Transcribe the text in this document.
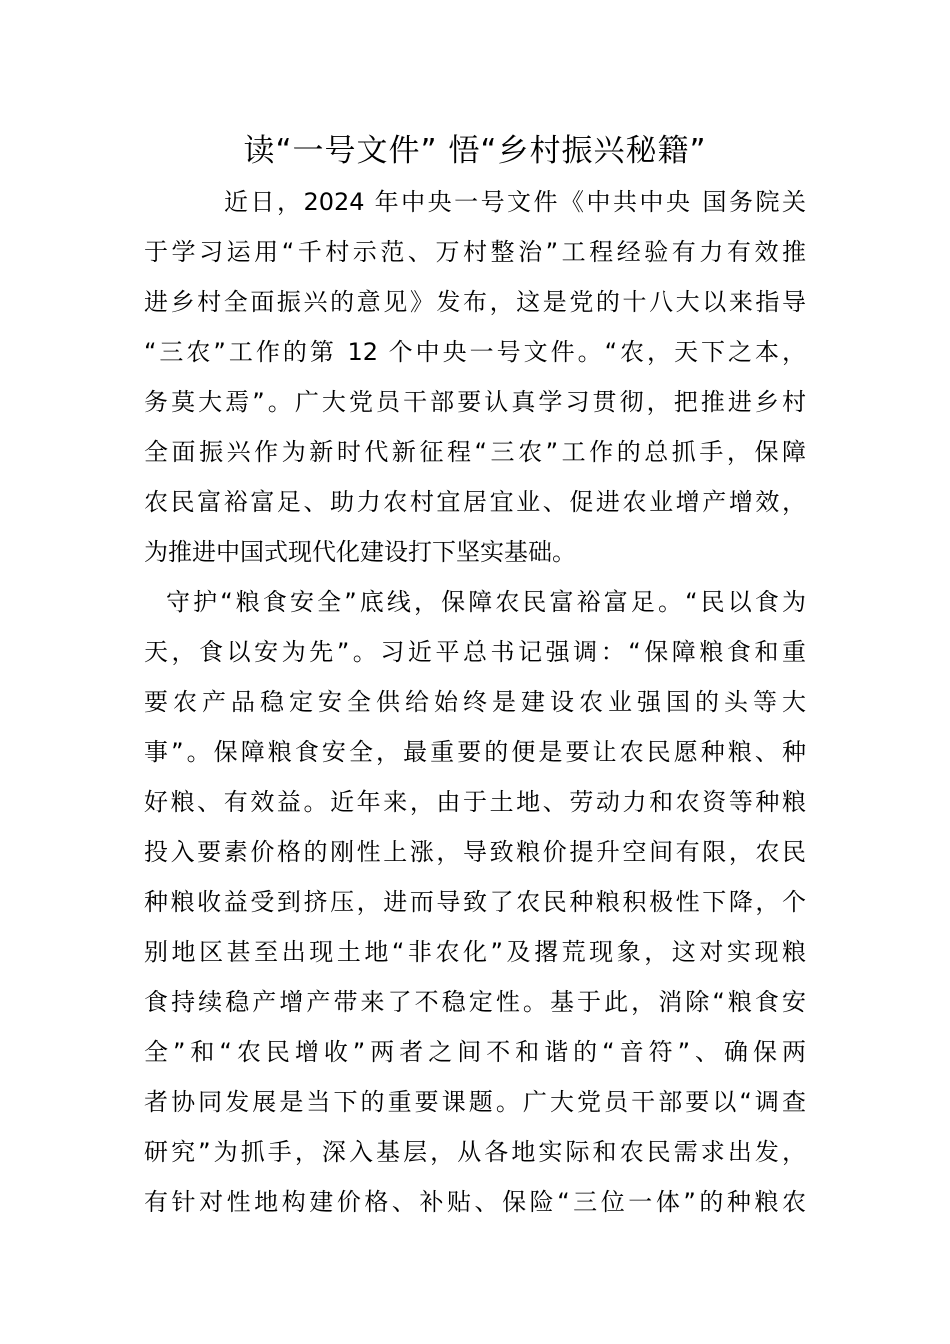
读“一号文件” 悟“乡村振兴秘籍”
近日，2024 年中央一号文件《中共中央 国务院关
于学习运用“千村示范、万村整治”工程经验有力有效推
进乡村全面振兴的意见》发布，这是党的十八大以来指导
“三农”工作的第 12 个中央一号文件。“农，天下之本，
务莫大焉”。广大党员干部要认真学习贯彻，把推进乡村
全面振兴作为新时代新征程“三农”工作的总抓手，保障
农民富裕富足、助力农村宜居宜业、促进农业增产增效，
为推进中国式现代化建设打下坚实基础。
守护“粮食安全”底线，保障农民富裕富足。“民以食为
天，食以安为先”。习近平总书记强调：“保障粮食和重
要农产品稳定安全供给始终是建设农业强国的头等大
事”。保障粮食安全，最重要的便是要让农民愿种粮、种
好粮、有效益。近年来，由于土地、劳动力和农资等种粮
投入要素价格的刚性上涨，导致粮价提升空间有限，农民
种粮收益受到挤压，进而导致了农民种粮积极性下降，个
别地区甚至出现土地“非农化”及撂荒现象，这对实现粮
食持续稳产增产带来了不稳定性。基于此，消除“粮食安
全”和“农民增收”两者之间不和谐的“音符”、确保两
者协同发展是当下的重要课题。广大党员干部要以“调查
研究”为抓手，深入基层，从各地实际和农民需求出发，
有针对性地构建价格、补贴、保险“三位一体”的种粮农
